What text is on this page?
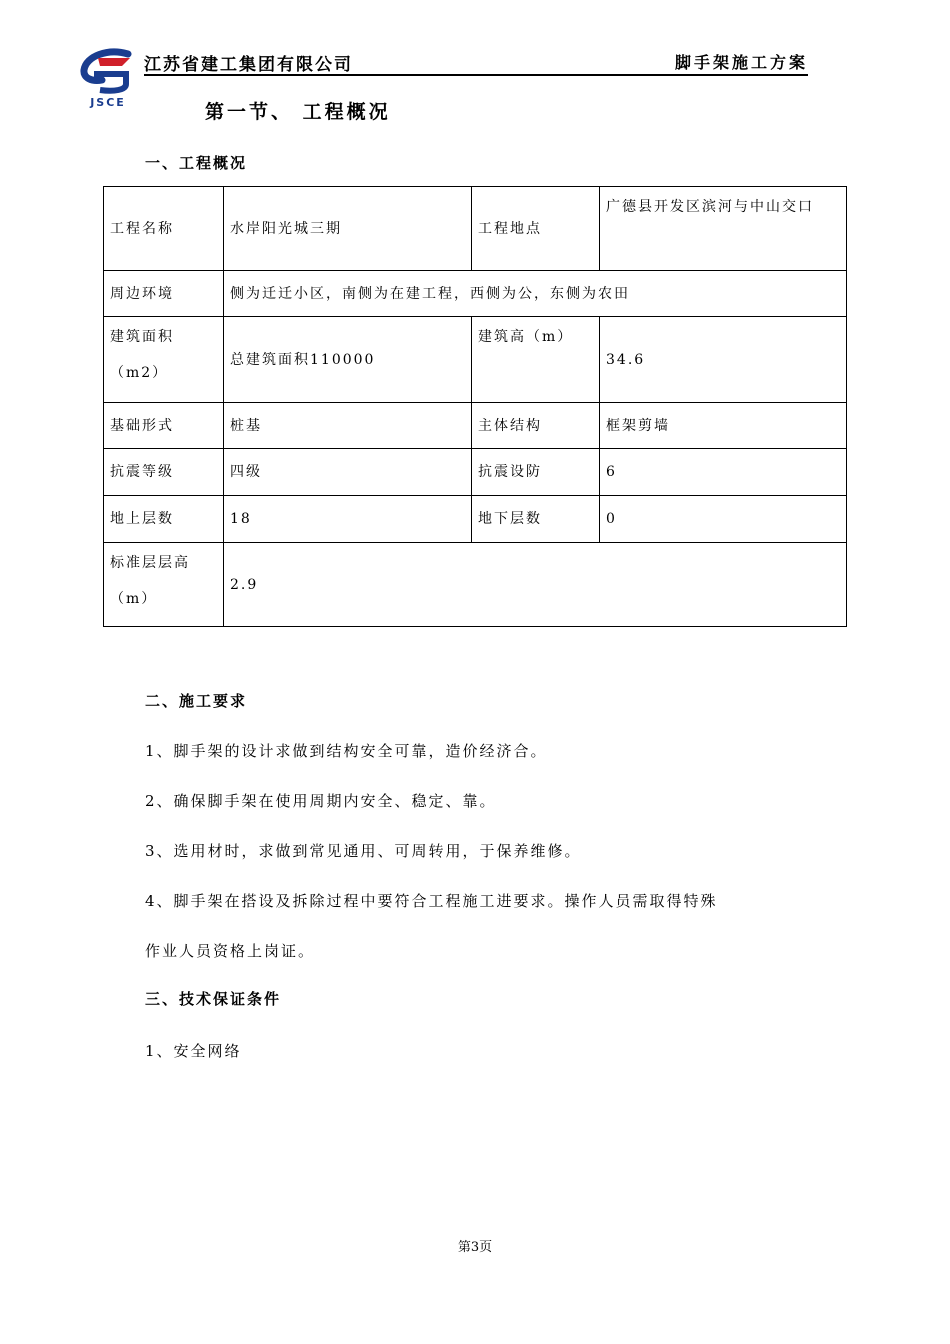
JSCE
江苏省建工集团有限公司	脚手架施工方案
第一节、 工程概况
一、工程概况
工程名称	水岸阳光城三期	工程地点	广德县开发区滨河与中山交口
周边环境	侧为迁迁小区，南侧为在建工程，西侧为公，东侧为农田		
建筑面积（m2）	总建筑面积110000	建筑高（m）	34.6
基础形式	桩基	主体结构	框架剪墙
抗震等级	四级	抗震设防	6
地上层数	18	地下层数	0
标准层层高（m）	2.9		
二、施工要求
1、脚手架的设计求做到结构安全可靠，造价经济合。
2、确保脚手架在使用周期内安全、稳定、靠。
3、选用材时，求做到常见通用、可周转用，于保养维修。
4、脚手架在搭设及拆除过程中要符合工程施工进要求。操作人员需取得特殊
作业人员资格上岗证。
三、技术保证条件
1、安全网络
第3页
